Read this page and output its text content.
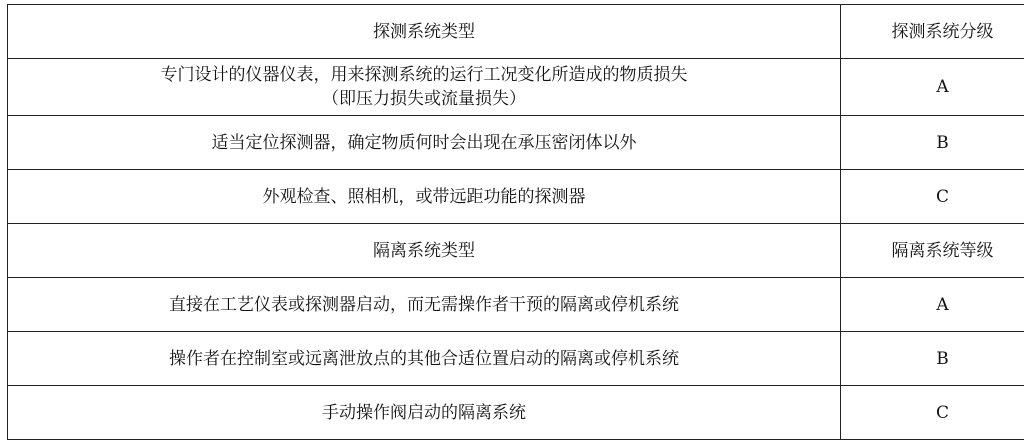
探测系统类型	探测系统分级

专门设计的仪器仪表，用来探测系统的运行工况变化所造成的物质损失
（即压力损失或流量损失）	A
适当定位探测器，确定物质何时会出现在承压密闭体以外	B
外观检查、照相机，或带远距功能的探测器	C
隔离系统类型	隔离系统等级
直接在工艺仪表或探测器启动，而无需操作者干预的隔离或停机系统	A
操作者在控制室或远离泄放点的其他合适位置启动的隔离或停机系统	B
手动操作阀启动的隔离系统	C
